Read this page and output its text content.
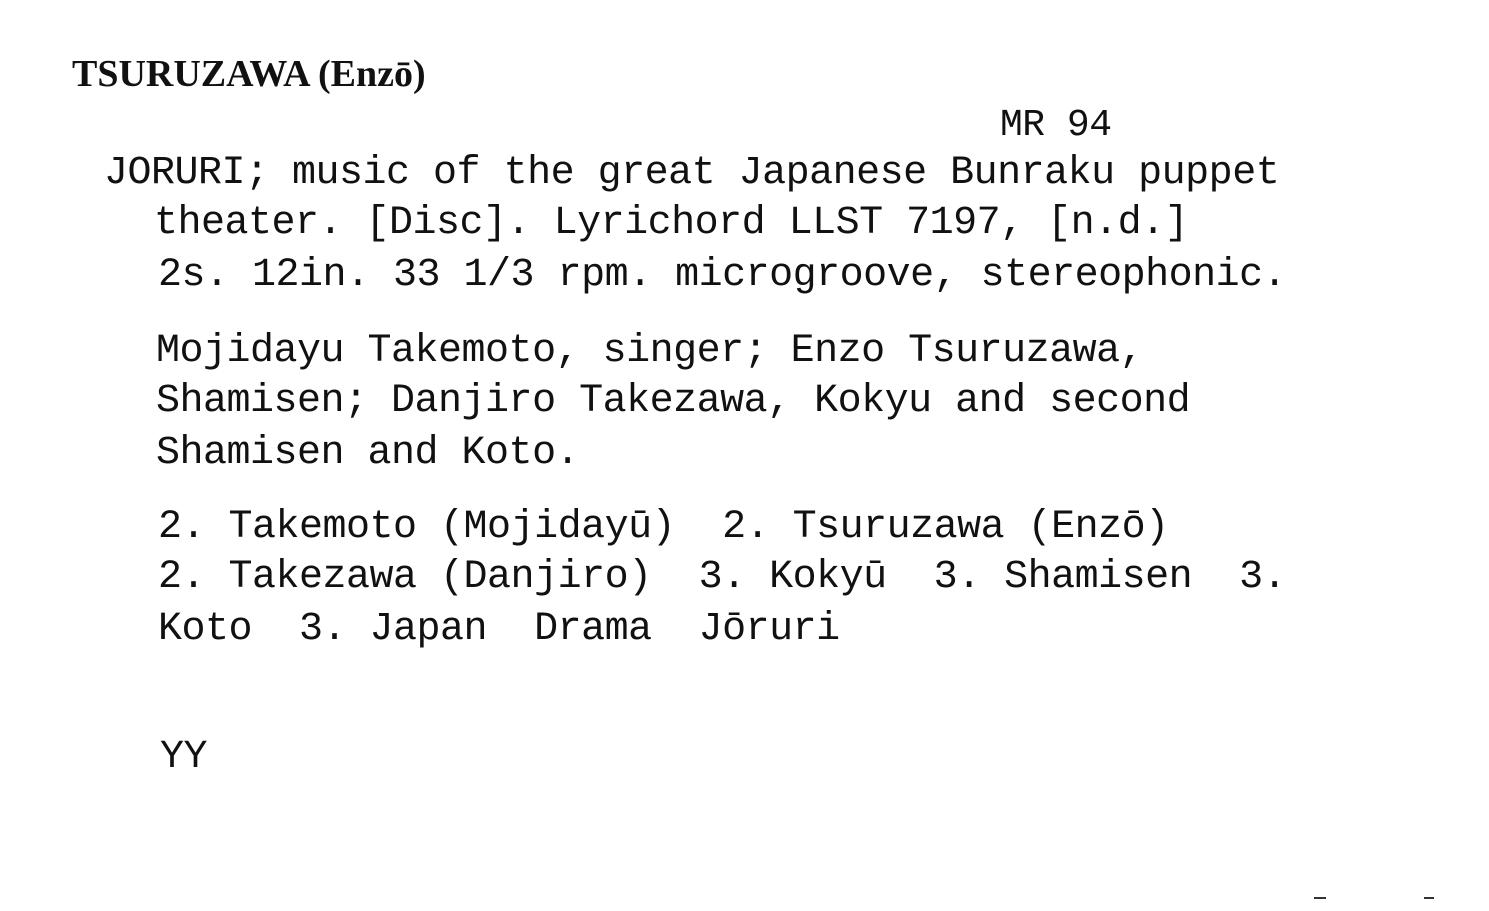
TSURUZAWA (Enzō)
MR 94
JORURI; music of the great Japanese Bunraku puppet
theater. [Disc]. Lyrichord LLST 7197, [n.d.]
2s. 12in. 33 1/3 rpm. microgroove, stereophonic.
Mojidayu Takemoto, singer; Enzo Tsuruzawa,
Shamisen; Danjiro Takezawa, Kokyu and second
Shamisen and Koto.
2. Takemoto (Mojidayū)  2. Tsuruzawa (Enzō)
2. Takezawa (Danjiro)  3. Kokyū  3. Shamisen  3.
Koto  3. Japan  Drama  Jōruri
YY
